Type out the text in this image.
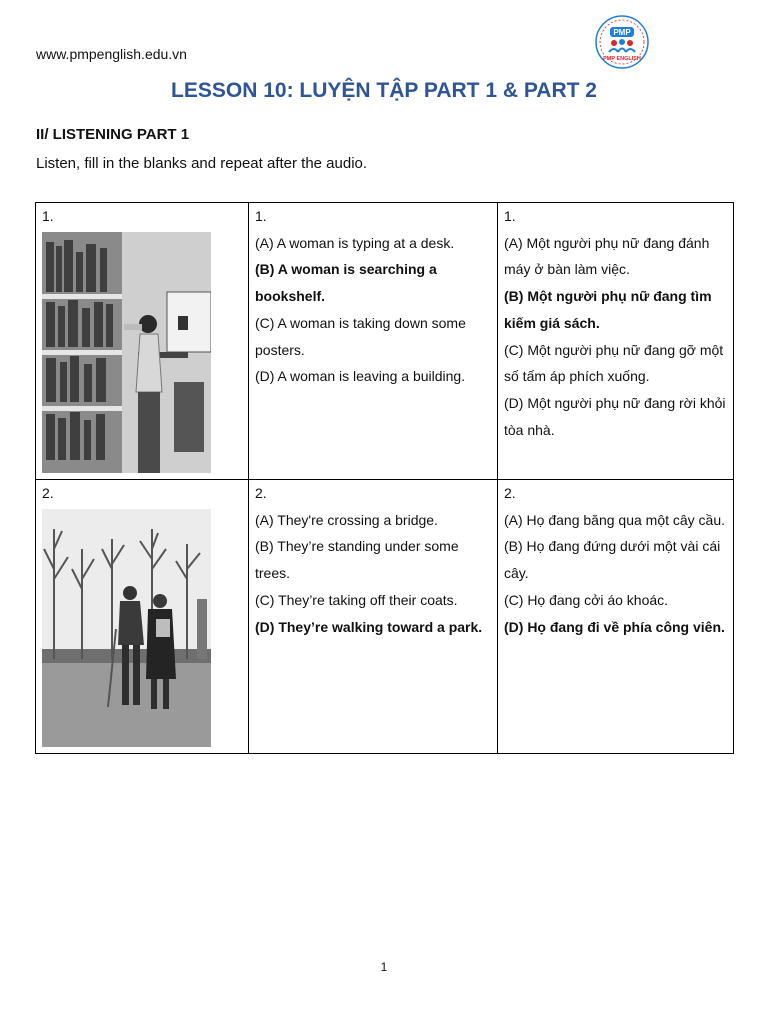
www.pmpenglish.edu.vn
PMP
PMP ENGLISH
LESSON 10: LUYỆN TẬP PART 1 & PART 2
II/ LISTENING PART 1
Listen, fill in the blanks and repeat after the audio.
1.	1.
(A) A woman is typing at a desk.
(B) A woman is searching a bookshelf.
(C) A woman is taking down some posters.
(D) A woman is leaving a building.	1.
(A) Một người phụ nữ đang đánh máy ở bàn làm việc.
(B) Một người phụ nữ đang tìm kiếm giá sách.
(C) Một người phụ nữ đang gỡ một số tấm áp phích xuống.
(D) Một người phụ nữ đang rời khỏi tòa nhà.

2.	2.
(A) They're crossing a bridge.
(B) They’re standing under some trees.
(C) They’re taking off their coats.
(D) They’re walking toward a park.	2.
(A) Họ đang băng qua một cây cầu.
(B) Họ đang đứng dưới một vài cái cây.
(C) Họ đang cởi áo khoác.
(D) Họ đang đi về phía công viên.
1
